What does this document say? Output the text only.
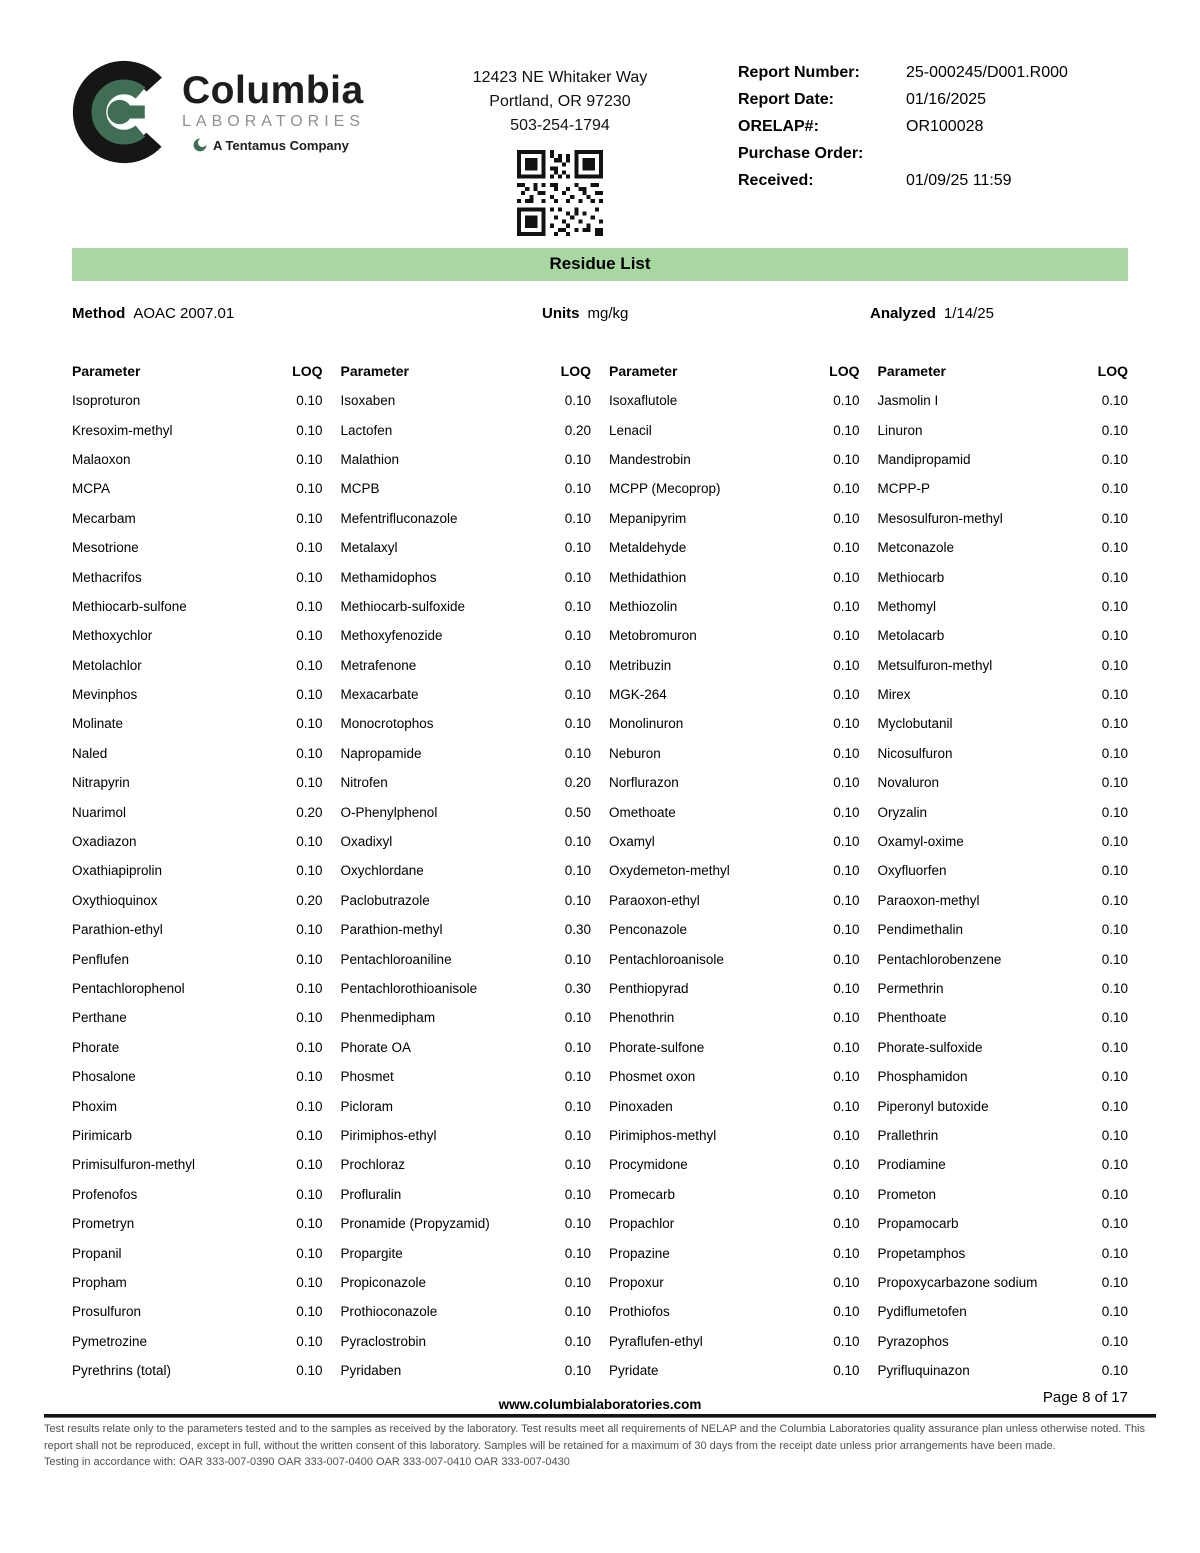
Columbia
LABORATORIES
A Tentamus Company
12423 NE Whitaker Way
Portland, OR 97230
503-254-1794
Report Number:	25-000245/D001.R000
Report Date:	01/16/2025
ORELAP#:	OR100028
Purchase Order:
Received:	01/09/25 11:59
Residue List
Method AOAC 2007.01	Units mg/kg	Analyzed 1/14/25
Parameter	LOQ
Isoproturon	0.10
Kresoxim-methyl	0.10
Malaoxon	0.10
MCPA	0.10
Mecarbam	0.10
Mesotrione	0.10
Methacrifos	0.10
Methiocarb-sulfone	0.10
Methoxychlor	0.10
Metolachlor	0.10
Mevinphos	0.10
Molinate	0.10
Naled	0.10
Nitrapyrin	0.10
Nuarimol	0.20
Oxadiazon	0.10
Oxathiapiprolin	0.10
Oxythioquinox	0.20
Parathion-ethyl	0.10
Penflufen	0.10
Pentachlorophenol	0.10
Perthane	0.10
Phorate	0.10
Phosalone	0.10
Phoxim	0.10
Pirimicarb	0.10
Primisulfuron-methyl	0.10
Profenofos	0.10
Prometryn	0.10
Propanil	0.10
Propham	0.10
Prosulfuron	0.10
Pymetrozine	0.10
Pyrethrins (total)	0.10
Parameter	LOQ
Isoxaben	0.10
Lactofen	0.20
Malathion	0.10
MCPB	0.10
Mefentrifluconazole	0.10
Metalaxyl	0.10
Methamidophos	0.10
Methiocarb-sulfoxide	0.10
Methoxyfenozide	0.10
Metrafenone	0.10
Mexacarbate	0.10
Monocrotophos	0.10
Napropamide	0.10
Nitrofen	0.20
O-Phenylphenol	0.50
Oxadixyl	0.10
Oxychlordane	0.10
Paclobutrazole	0.10
Parathion-methyl	0.30
Pentachloroaniline	0.10
Pentachlorothioanisole	0.30
Phenmedipham	0.10
Phorate OA	0.10
Phosmet	0.10
Picloram	0.10
Pirimiphos-ethyl	0.10
Prochloraz	0.10
Profluralin	0.10
Pronamide (Propyzamid)	0.10
Propargite	0.10
Propiconazole	0.10
Prothioconazole	0.10
Pyraclostrobin	0.10
Pyridaben	0.10
Parameter	LOQ
Isoxaflutole	0.10
Lenacil	0.10
Mandestrobin	0.10
MCPP (Mecoprop)	0.10
Mepanipyrim	0.10
Metaldehyde	0.10
Methidathion	0.10
Methiozolin	0.10
Metobromuron	0.10
Metribuzin	0.10
MGK-264	0.10
Monolinuron	0.10
Neburon	0.10
Norflurazon	0.10
Omethoate	0.10
Oxamyl	0.10
Oxydemeton-methyl	0.10
Paraoxon-ethyl	0.10
Penconazole	0.10
Pentachloroanisole	0.10
Penthiopyrad	0.10
Phenothrin	0.10
Phorate-sulfone	0.10
Phosmet oxon	0.10
Pinoxaden	0.10
Pirimiphos-methyl	0.10
Procymidone	0.10
Promecarb	0.10
Propachlor	0.10
Propazine	0.10
Propoxur	0.10
Prothiofos	0.10
Pyraflufen-ethyl	0.10
Pyridate	0.10
Parameter	LOQ
Jasmolin I	0.10
Linuron	0.10
Mandipropamid	0.10
MCPP-P	0.10
Mesosulfuron-methyl	0.10
Metconazole	0.10
Methiocarb	0.10
Methomyl	0.10
Metolacarb	0.10
Metsulfuron-methyl	0.10
Mirex	0.10
Myclobutanil	0.10
Nicosulfuron	0.10
Novaluron	0.10
Oryzalin	0.10
Oxamyl-oxime	0.10
Oxyfluorfen	0.10
Paraoxon-methyl	0.10
Pendimethalin	0.10
Pentachlorobenzene	0.10
Permethrin	0.10
Phenthoate	0.10
Phorate-sulfoxide	0.10
Phosphamidon	0.10
Piperonyl butoxide	0.10
Prallethrin	0.10
Prodiamine	0.10
Prometon	0.10
Propamocarb	0.10
Propetamphos	0.10
Propoxycarbazone sodium	0.10
Pydiflumetofen	0.10
Pyrazophos	0.10
Pyrifluquinazon	0.10
Page 8 of 17
www.columbialaboratories.com
Test results relate only to the parameters tested and to the samples as received by the laboratory. Test results meet all requirements of NELAP and the Columbia Laboratories quality assurance plan unless otherwise noted. This report shall not be reproduced, except in full, without the written consent of this laboratory. Samples will be retained for a maximum of 30 days from the receipt date unless prior arrangements have been made.
Testing in accordance with: OAR 333-007-0390 OAR 333-007-0400 OAR 333-007-0410 OAR 333-007-0430
